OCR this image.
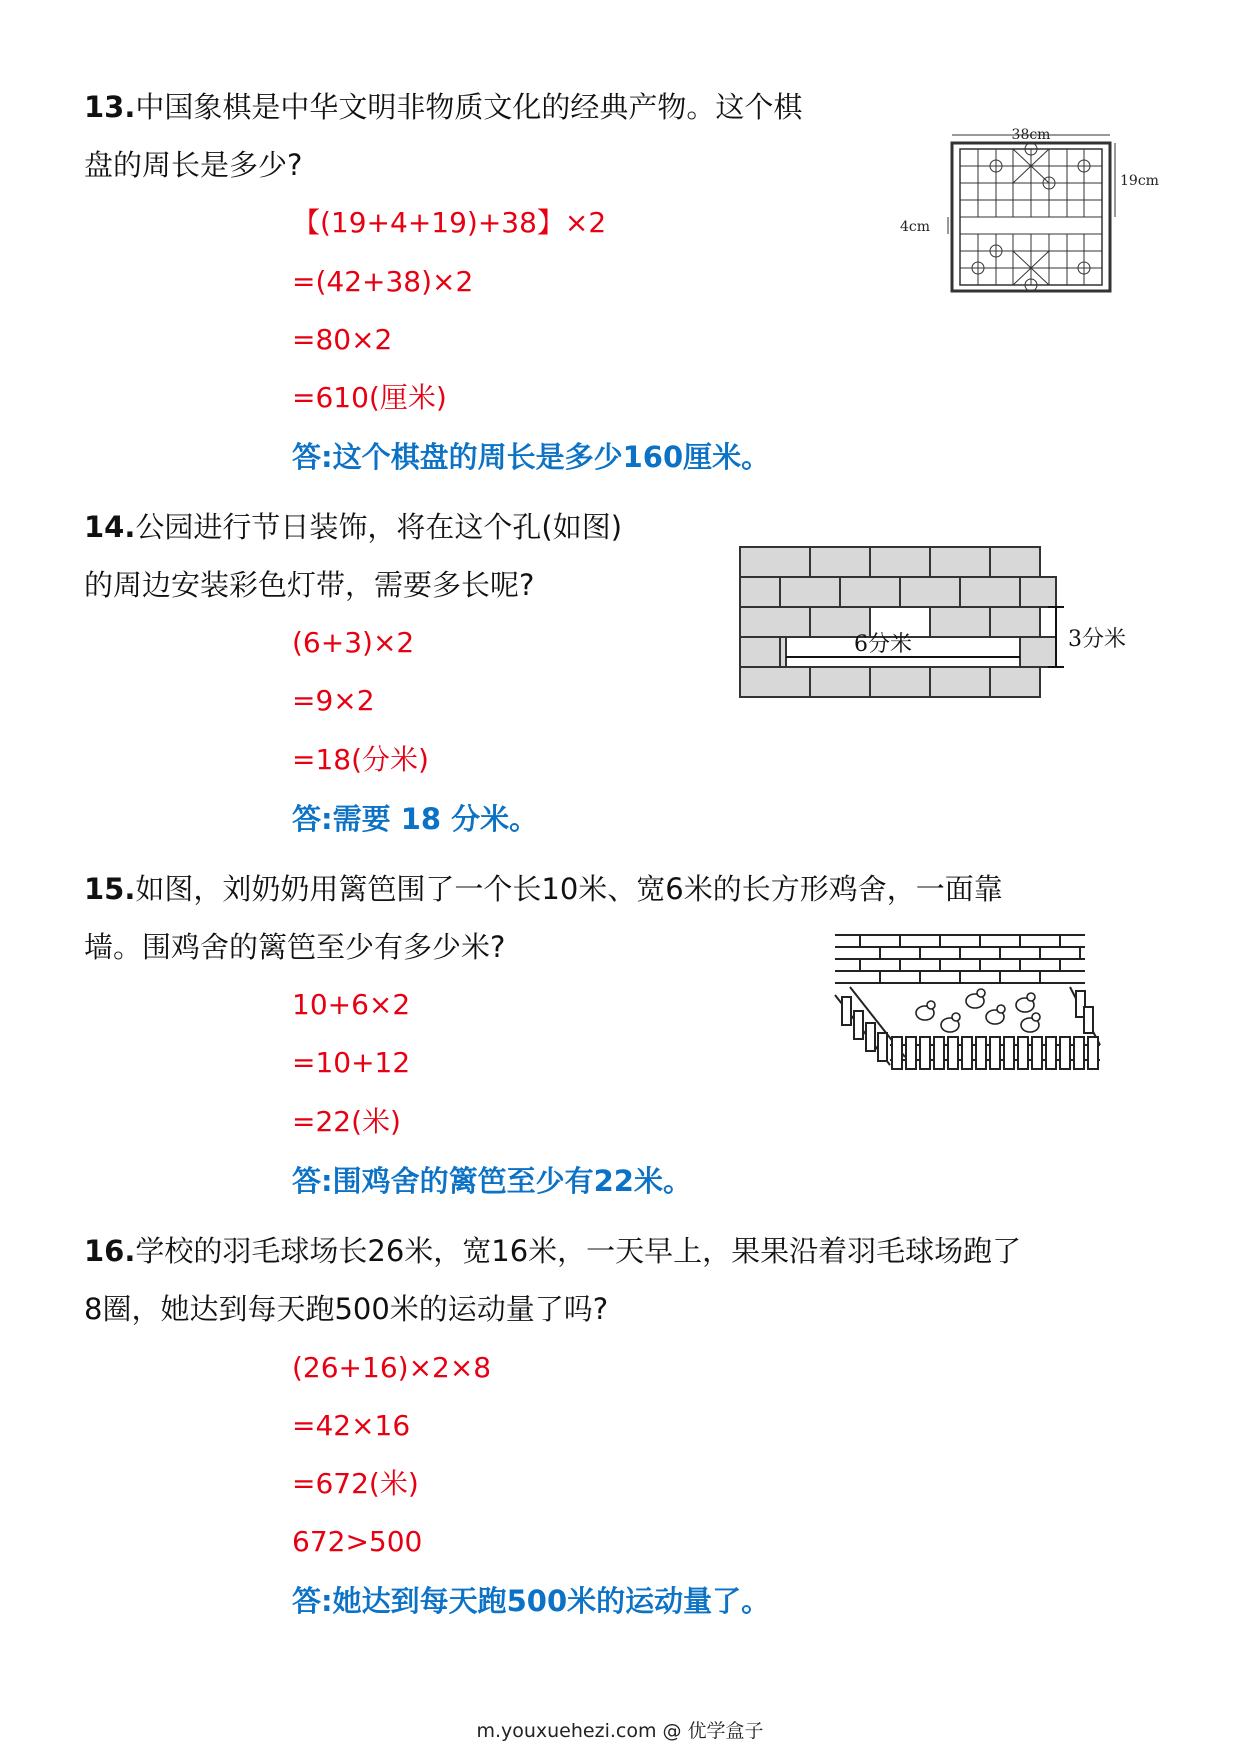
13.中国象棋是中华文明非物质文化的经典产物。这个棋
盘的周长是多少?
【(19+4+19)+38】×2
=(42+38)×2
=80×2
=610(厘米)
答:这个棋盘的周长是多少160厘米。
38cm
19cm
4cm
14.公园进行节日装饰，将在这个孔(如图)
的周边安装彩色灯带，需要多长呢?
(6+3)×2
=9×2
=18(分米)
答:需要 18 分米。
6分米	3分米
15.如图，刘奶奶用篱笆围了一个长10米、宽6米的长方形鸡舍，一面靠
墙。围鸡舍的篱笆至少有多少米?
10+6×2
=10+12
=22(米)
答:围鸡舍的篱笆至少有22米。
16.学校的羽毛球场长26米，宽16米，一天早上，果果沿着羽毛球场跑了
8圈，她达到每天跑500米的运动量了吗?
(26+16)×2×8
=42×16
=672(米)
672>500
答:她达到每天跑500米的运动量了。
m.youxuehezi.com @ 优学盒子
